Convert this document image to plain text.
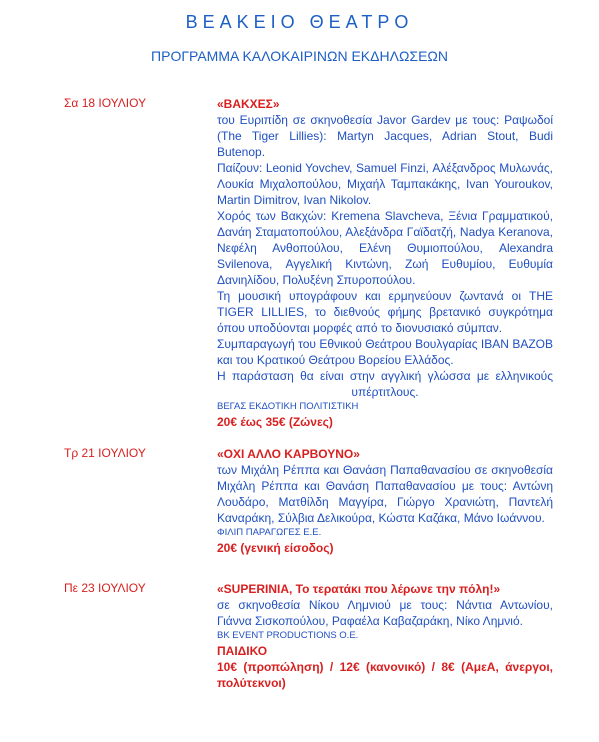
ΒΕΑΚΕΙΟ ΘΕΑΤΡΟ
ΠΡΟΓΡΑΜΜΑ ΚΑΛΟΚΑΙΡΙΝΩΝ ΕΚΔΗΛΩΣΕΩΝ
Σα 18 ΙΟΥΛΙΟΥ	«ΒΑΚΧΕΣ»

του Ευριπίδη σε σκηνοθεσία Javor Gardev με τους: Ραψωδοί (The Tiger Lillies): Martyn Jacques, Adrian Stout, Budi Butenop.

Παίζουν: Leonid Yovchev, Samuel Finzi, Αλέξανδρος Μυλωνάς, Λουκία Μιχαλοπούλου, Μιχαήλ Ταμπακάκης, Ivan Youroukov, Martin Dimitrov, Ivan Nikolov.

Χορός των Βακχών: Kremena Slavcheva, Ξένια Γραμματικού, Δανάη Σταματοπούλου, Αλεξάνδρα Γαϊδατζή, Nadya Keranova, Νεφέλη Ανθοπούλου, Ελένη Θυμιοπούλου, Alexandra Svilenova, Αγγελική Κιντώνη, Ζωή Ευθυμίου, Ευθυμία Δανιηλίδου, Πολυξένη Σπυροπούλου.

Τη μουσική υπογράφουν και ερμηνεύουν ζωντανά οι THE TIGER LILLIES, το διεθνούς φήμης βρετανικό συγκρότημα όπου υποδύονται μορφές από το διονυσιακό σύμπαν.

Συμπαραγωγή του Εθνικού Θεάτρου Βουλγαρίας ΙΒΑΝ ΒΑΖΟΒ και του Κρατικού Θεάτρου Βορείου Ελλάδος.

Η παράσταση θα είναι στην αγγλική γλώσσα με ελληνικούς υπέρτιτλους.

ΒΕΓΑΣ ΕΚΔΟΤΙΚΗ ΠΟΛΙΤΙΣΤΙΚΗ
20€ έως 35€ (Ζώνες)
Τρ 21 ΙΟΥΛΙΟΥ	«ΟΧΙ ΑΛΛΟ ΚΑΡΒΟΥΝΟ»

των Μιχάλη Ρέππα και Θανάση Παπαθανασίου σε σκηνοθεσία Μιχάλη Ρέππα και Θανάση Παπαθανασίου με τους: Αντώνη Λουδάρο, Ματθίλδη Μαγγίρα, Γιώργο Χρανιώτη, Παντελή Καναράκη, Σύλβια Δελικούρα, Κώστα Καζάκα, Μάνο Ιωάννου.

ΦΙΛΙΠ ΠΑΡΑΓΩΓΕΣ Ε.Ε.
20€ (γενική είσοδος)
Πε 23 ΙΟΥΛΙΟΥ	«SUPERINIA, Το τερατάκι που λέρωνε την πόλη!»

σε σκηνοθεσία Νίκου Λημνιού με τους: Νάντια Αντωνίου, Γιάννα Σισκοπούλου, Ραφαέλα Καβαζαράκη, Νίκο Λημνιό.

BK EVENT PRODUCTIONS O.E.
ΠΑΙΔΙΚΟ
10€ (προπώληση) / 12€ (κανονικό) / 8€ (ΑμεΑ, άνεργοι, πολύτεκνοι)
